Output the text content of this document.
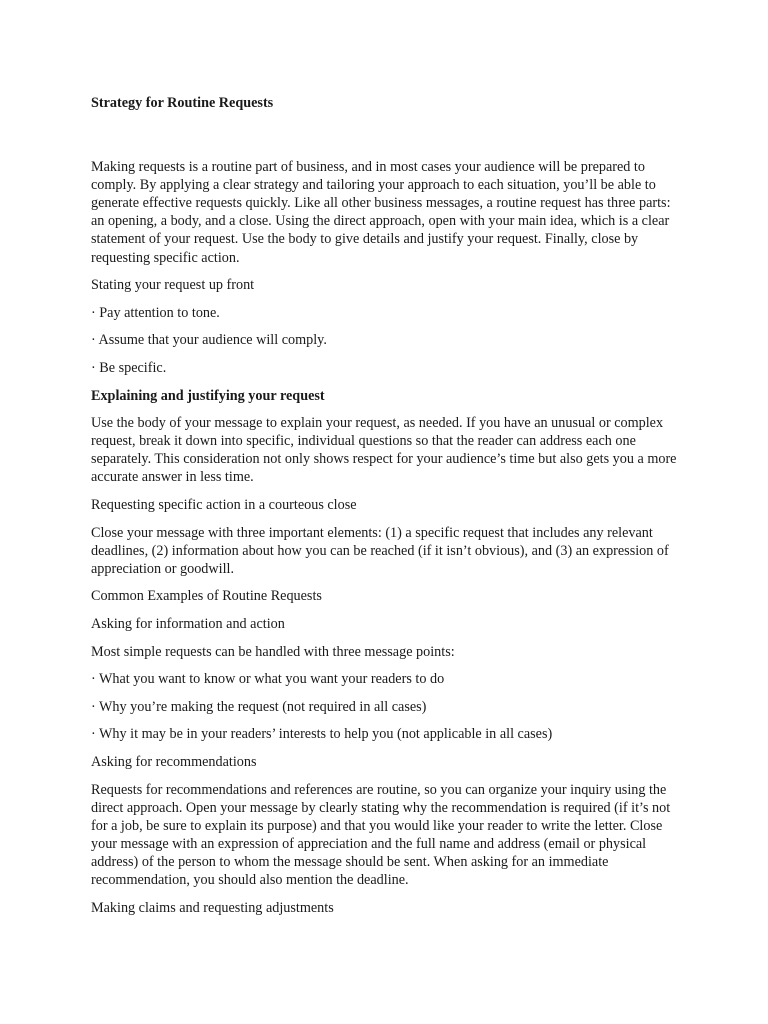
Strategy for Routine Requests

Making requests is a routine part of business, and in most cases your audience will be prepared to comply. By applying a clear strategy and tailoring your approach to each situation, you’ll be able to generate effective requests quickly. Like all other business messages, a routine request has three parts: an opening, a body, and a close. Using the direct approach, open with your main idea, which is a clear statement of your request. Use the body to give details and justify your request. Finally, close by requesting specific action.

Stating your request up front

· Pay attention to tone.

· Assume that your audience will comply.

· Be specific.

Explaining and justifying your request

Use the body of your message to explain your request, as needed. If you have an unusual or complex request, break it down into specific, individual questions so that the reader can address each one separately. This consideration not only shows respect for your audience’s time but also gets you a more accurate answer in less time.

Requesting specific action in a courteous close

Close your message with three important elements: (1) a specific request that includes any relevant deadlines, (2) information about how you can be reached (if it isn’t obvious), and (3) an expression of appreciation or goodwill.

Common Examples of Routine Requests

Asking for information and action

Most simple requests can be handled with three message points:

· What you want to know or what you want your readers to do

· Why you’re making the request (not required in all cases)

· Why it may be in your readers’ interests to help you (not applicable in all cases)

Asking for recommendations

Requests for recommendations and references are routine, so you can organize your inquiry using the direct approach. Open your message by clearly stating why the recommendation is required (if it’s not for a job, be sure to explain its purpose) and that you would like your reader to write the letter. Close your message with an expression of appreciation and the full name and address (email or physical address) of the person to whom the message should be sent. When asking for an immediate recommendation, you should also mention the deadline.

Making claims and requesting adjustments
